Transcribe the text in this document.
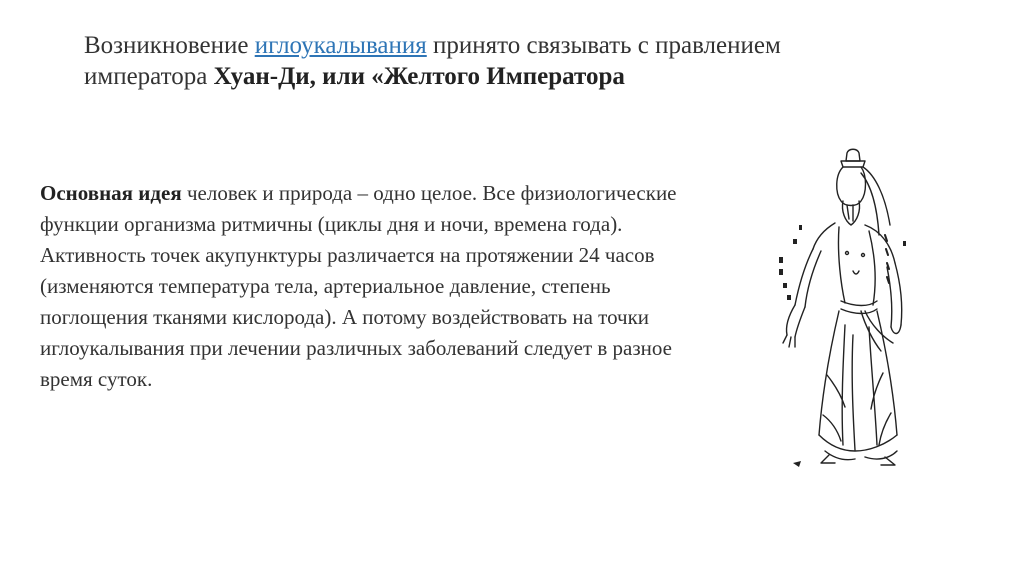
Возникновение иглоукалывания принято связывать с правлением императора Хуан-Ди, или «Желтого Императора
Основная идея человек и природа – одно целое. Все физиологические функции организма ритмичны (циклы дня и ночи, времена года). Активность точек акупунктуры различается на протяжении 24 часов (изменяются температура тела, артериальное давление, степень поглощения тканями кислорода). А потому воздействовать на точки иглоукалывания при лечении различных заболеваний следует в разное время суток.
